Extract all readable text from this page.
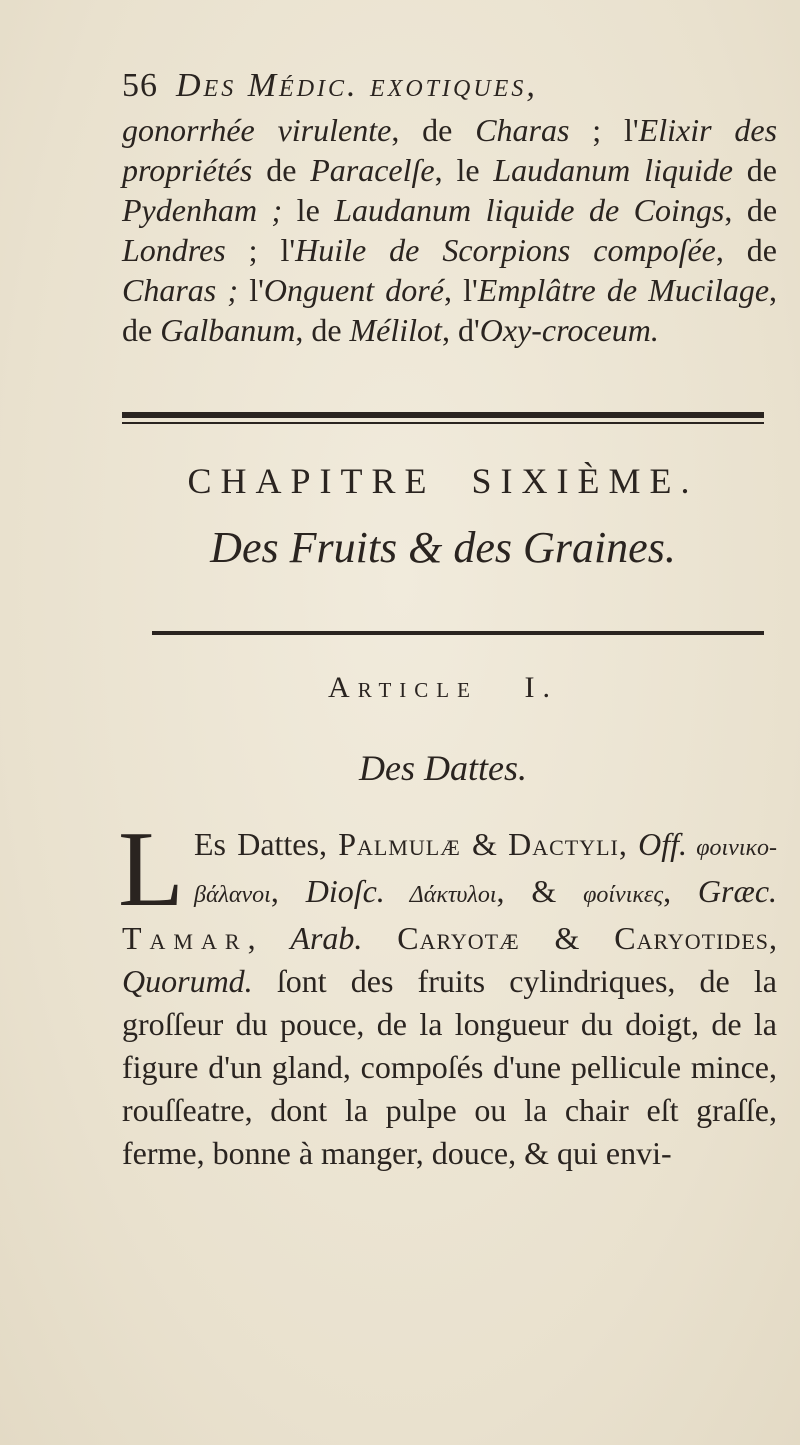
56 Des Médic. exotiques,

gonorrhée virulente, de Charas ; l'Elixir des propriétés de Paracelſe, le Laudanum liquide de Pydenham ; le Laudanum liquide de Coings, de Londres ; l'Huile de Scorpions compoſée, de Charas ; l'Onguent doré, l'Emplâtre de Mucilage, de Galbanum, de Mélilot, d'Oxy-croceum.

CHAPITRE SIXIÈME.
Des Fruits & des Graines.
Article I.
Des Dattes.
L Es Dattes, Palmulæ & Dactyli, Off. φοινικο-βάλανοι, Dioſc. Δάκτυλοι, & φοίνικες, Græc. Tamar, Arab. Caryotæ & Caryotides, Quorumd. ſont des fruits cylindriques, de la groſſeur du pouce, de la longueur du doigt, de la figure d'un gland, compoſés d'une pellicule mince, rouſſeatre, dont la pulpe ou la chair eſt graſſe, ferme, bonne à manger, douce, & qui envi-
